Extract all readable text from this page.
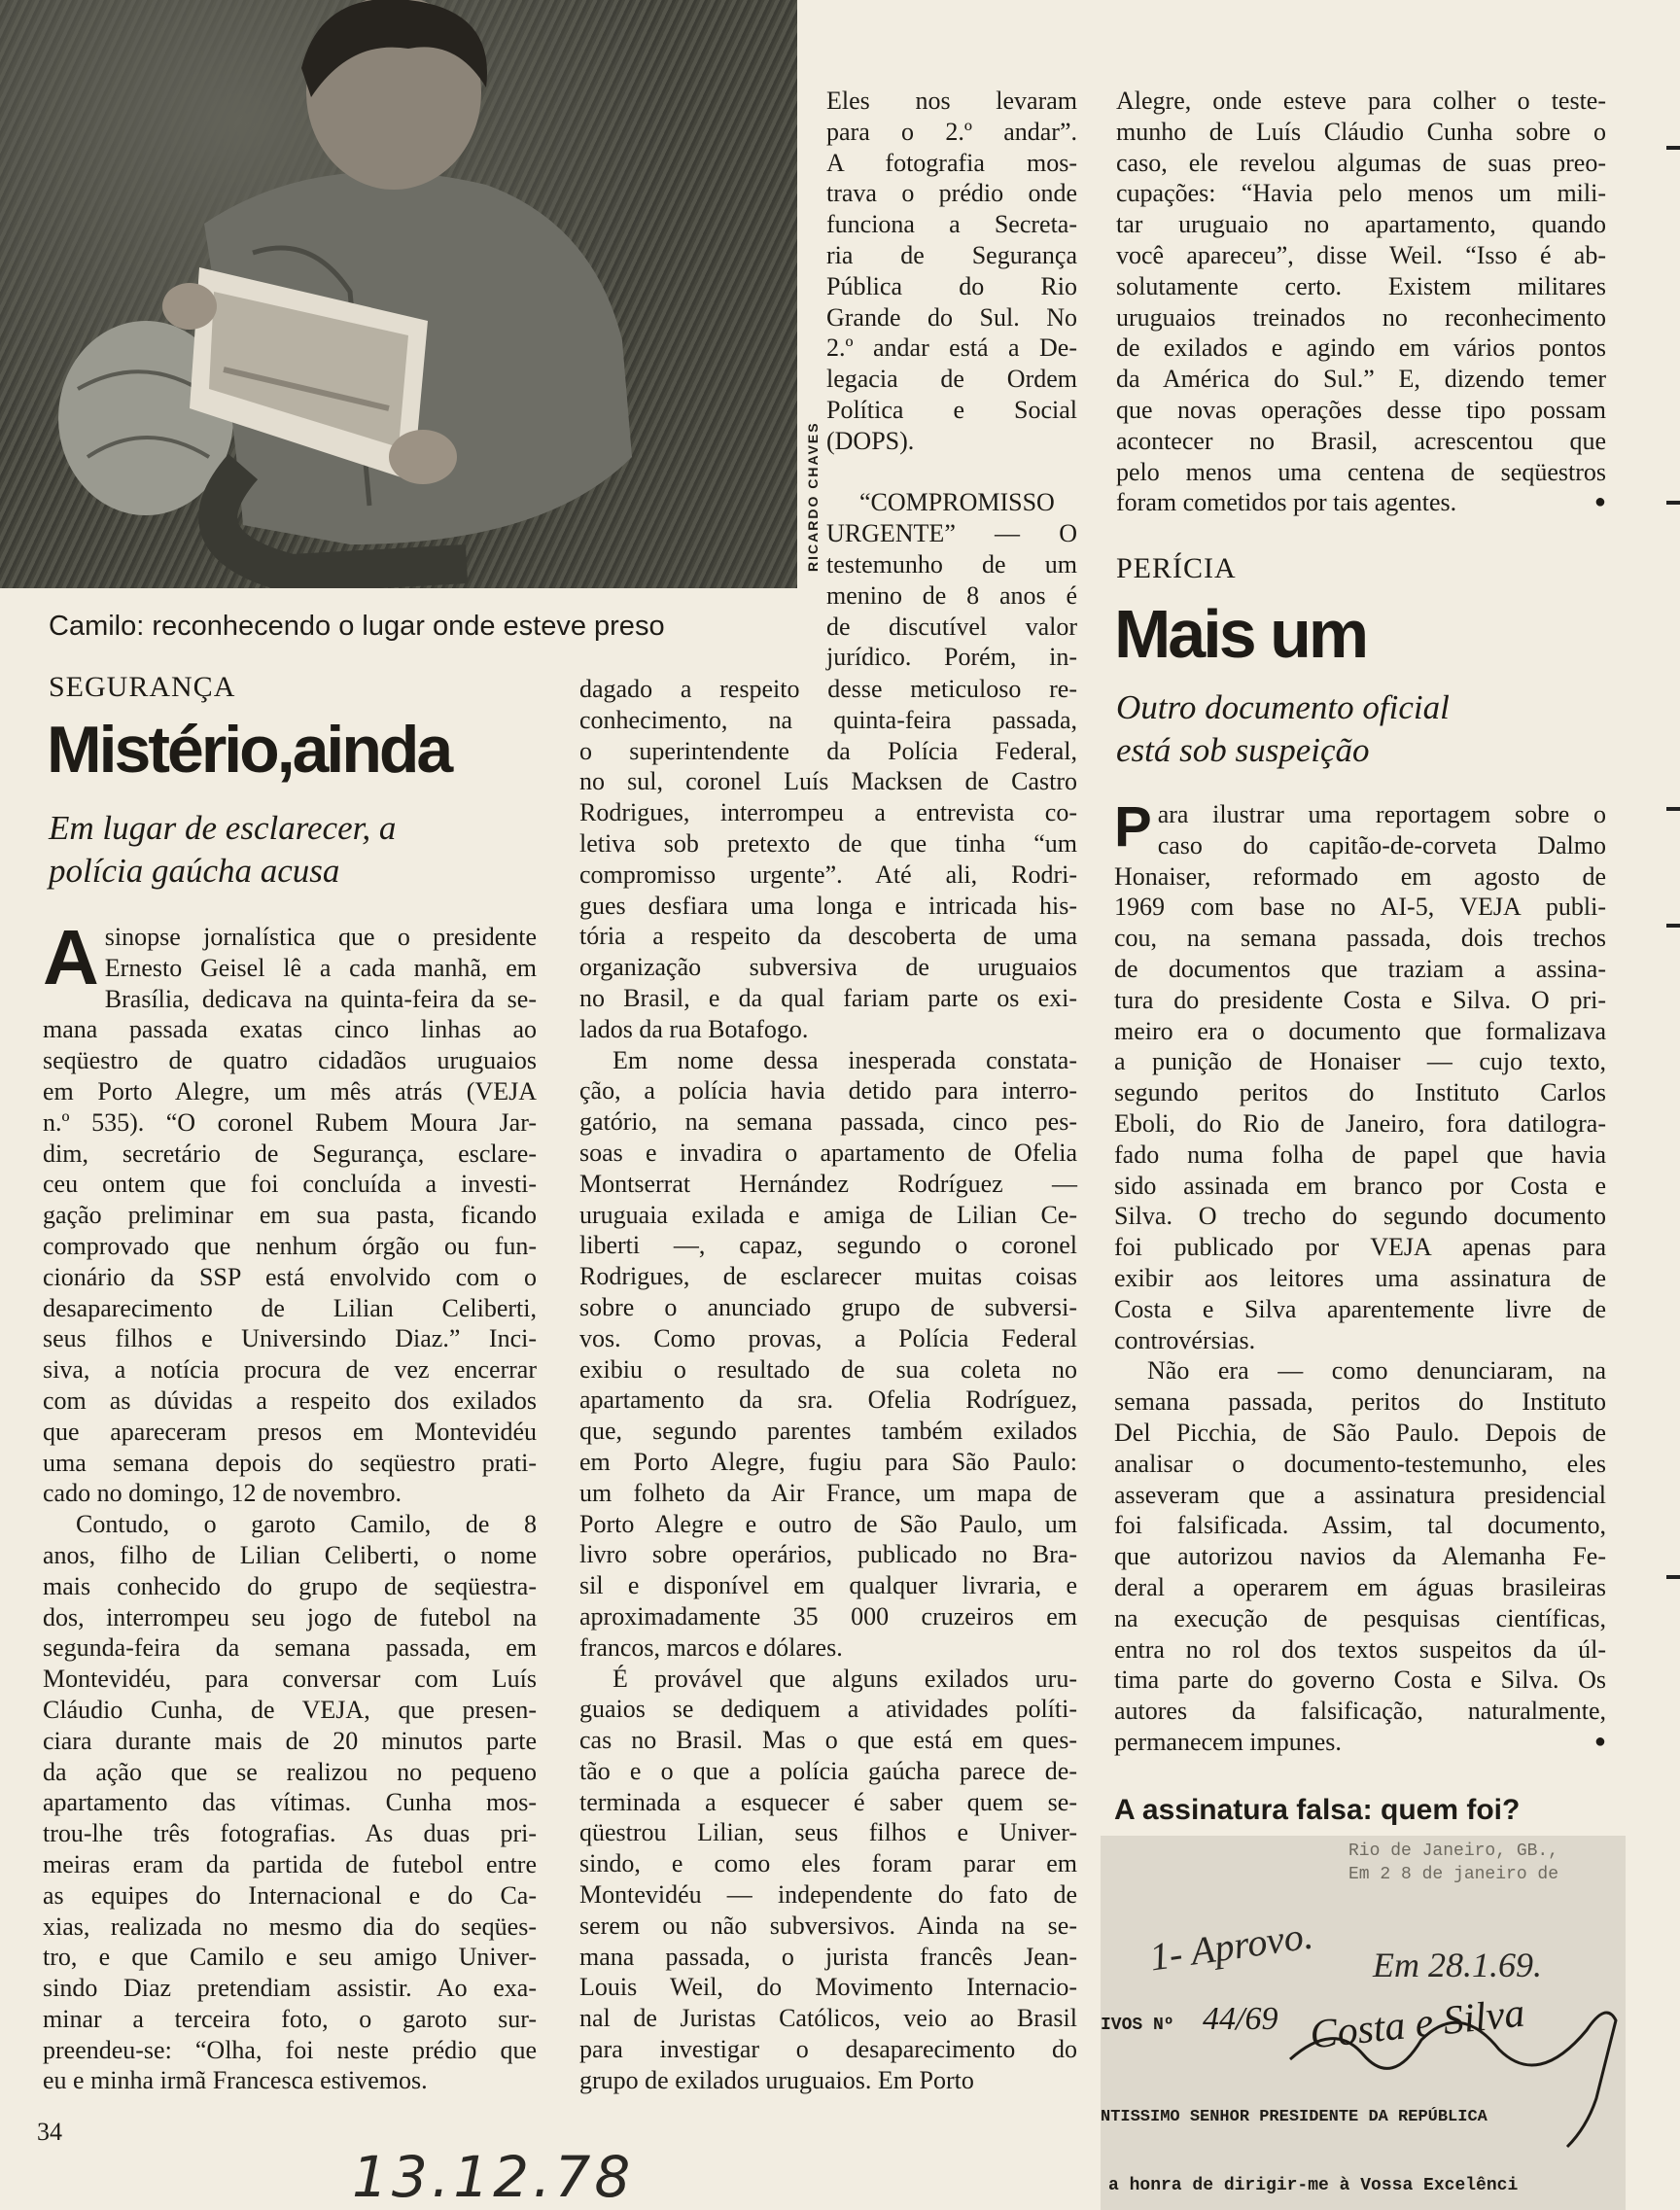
RICARDO CHAVES
Camilo: reconhecendo o lugar onde esteve preso
SEGURANÇA
Mistério,ainda
Em lugar de esclarecer, a
polícia gaúcha acusa
A sinopse jornalística que o presidente
Ernesto Geisel lê a cada manhã, em
Brasília, dedicava na quinta-feira da se-
mana passada exatas cinco linhas ao
seqüestro de quatro cidadãos uruguaios
em Porto Alegre, um mês atrás (VEJA
n.º 535). “O coronel Rubem Moura Jar-
dim, secretário de Segurança, esclare-
ceu ontem que foi concluída a investi-
gação preliminar em sua pasta, ficando
comprovado que nenhum órgão ou fun-
cionário da SSP está envolvido com o
desaparecimento de Lilian Celiberti,
seus filhos e Universindo Diaz.” Inci-
siva, a notícia procura de vez encerrar
com as dúvidas a respeito dos exilados
que apareceram presos em Montevidéu
uma semana depois do seqüestro prati-
cado no domingo, 12 de novembro.
Contudo, o garoto Camilo, de 8
anos, filho de Lilian Celiberti, o nome
mais conhecido do grupo de seqüestra-
dos, interrompeu seu jogo de futebol na
segunda-feira da semana passada, em
Montevidéu, para conversar com Luís
Cláudio Cunha, de VEJA, que presen-
ciara durante mais de 20 minutos parte
da ação que se realizou no pequeno
apartamento das vítimas. Cunha mos-
trou-lhe três fotografias. As duas pri-
meiras eram da partida de futebol entre
as equipes do Internacional e do Ca-
xias, realizada no mesmo dia do seqües-
tro, e que Camilo e seu amigo Univer-
sindo Diaz pretendiam assistir. Ao exa-
minar a terceira foto, o garoto sur-
preendeu-se: “Olha, foi neste prédio que
eu e minha irmã Francesca estivemos.
Eles nos levaram
para o 2.º andar”.
A fotografia mos-
trava o prédio onde
funciona a Secreta-
ria de Segurança
Pública do Rio
Grande do Sul. No
2.º andar está a De-
legacia de Ordem
Política e Social
(DOPS).
“COMPROMISSO
URGENTE” — O
testemunho de um
menino de 8 anos é
de discutível valor
jurídico. Porém, in-
dagado a respeito desse meticuloso re-
conhecimento, na quinta-feira passada,
o superintendente da Polícia Federal,
no sul, coronel Luís Macksen de Castro
Rodrigues, interrompeu a entrevista co-
letiva sob pretexto de que tinha “um
compromisso urgente”. Até ali, Rodri-
gues desfiara uma longa e intricada his-
tória a respeito da descoberta de uma
organização subversiva de uruguaios
no Brasil, e da qual fariam parte os exi-
lados da rua Botafogo.
Em nome dessa inesperada constata-
ção, a polícia havia detido para interro-
gatório, na semana passada, cinco pes-
soas e invadira o apartamento de Ofelia
Montserrat Hernández Rodríguez —
uruguaia exilada e amiga de Lilian Ce-
liberti —, capaz, segundo o coronel
Rodrigues, de esclarecer muitas coisas
sobre o anunciado grupo de subversi-
vos. Como provas, a Polícia Federal
exibiu o resultado de sua coleta no
apartamento da sra. Ofelia Rodríguez,
que, segundo parentes também exilados
em Porto Alegre, fugiu para São Paulo:
um folheto da Air France, um mapa de
Porto Alegre e outro de São Paulo, um
livro sobre operários, publicado no Bra-
sil e disponível em qualquer livraria, e
aproximadamente 35 000 cruzeiros em
francos, marcos e dólares.
É provável que alguns exilados uru-
guaios se dediquem a atividades políti-
cas no Brasil. Mas o que está em ques-
tão e o que a polícia gaúcha parece de-
terminada a esquecer é saber quem se-
qüestrou Lilian, seus filhos e Univer-
sindo, e como eles foram parar em
Montevidéu — independente do fato de
serem ou não subversivos. Ainda na se-
mana passada, o jurista francês Jean-
Louis Weil, do Movimento Internacio-
nal de Juristas Católicos, veio ao Brasil
para investigar o desaparecimento do
grupo de exilados uruguaios. Em Porto
Alegre, onde esteve para colher o teste-
munho de Luís Cláudio Cunha sobre o
caso, ele revelou algumas de suas preo-
cupações: “Havia pelo menos um mili-
tar uruguaio no apartamento, quando
você apareceu”, disse Weil. “Isso é ab-
solutamente certo. Existem militares
uruguaios treinados no reconhecimento
de exilados e agindo em vários pontos
da América do Sul.” E, dizendo temer
que novas operações desse tipo possam
acontecer no Brasil, acrescentou que
pelo menos uma centena de seqüestros
foram cometidos por tais agentes.	●
PERÍCIA
Mais um
Outro documento oficial
está sob suspeição
P ara ilustrar uma reportagem sobre o
caso do capitão-de-corveta Dalmo
Honaiser, reformado em agosto de
1969 com base no AI-5, VEJA publi-
cou, na semana passada, dois trechos
de documentos que traziam a assina-
tura do presidente Costa e Silva. O pri-
meiro era o documento que formalizava
a punição de Honaiser — cujo texto,
segundo peritos do Instituto Carlos
Eboli, do Rio de Janeiro, fora datilogra-
fado numa folha de papel que havia
sido assinada em branco por Costa e
Silva. O trecho do segundo documento
foi publicado por VEJA apenas para
exibir aos leitores uma assinatura de
Costa e Silva aparentemente livre de
controvérsias.
Não era — como denunciaram, na
semana passada, peritos do Instituto
Del Picchia, de São Paulo. Depois de
analisar o documento-testemunho, eles
asseveram que a assinatura presidencial
foi falsificada. Assim, tal documento,
que autorizou navios da Alemanha Fe-
deral a operarem em águas brasileiras
na execução de pesquisas científicas,
entra no rol dos textos suspeitos da úl-
tima parte do governo Costa e Silva. Os
autores da falsificação, naturalmente,
permanecem impunes.	●
A assinatura falsa: quem foi?
Rio de Janeiro, GB.,
Em 2 8 de janeiro de
1- Aprovo. Em 28.1.69.
IVOS Nº 44/69 Costa e Silva
NTISSIMO SENHOR PRESIDENTE DA REPÚBLICA
a honra de dirigir-me à Vossa Excelênci
34
13.12.78
